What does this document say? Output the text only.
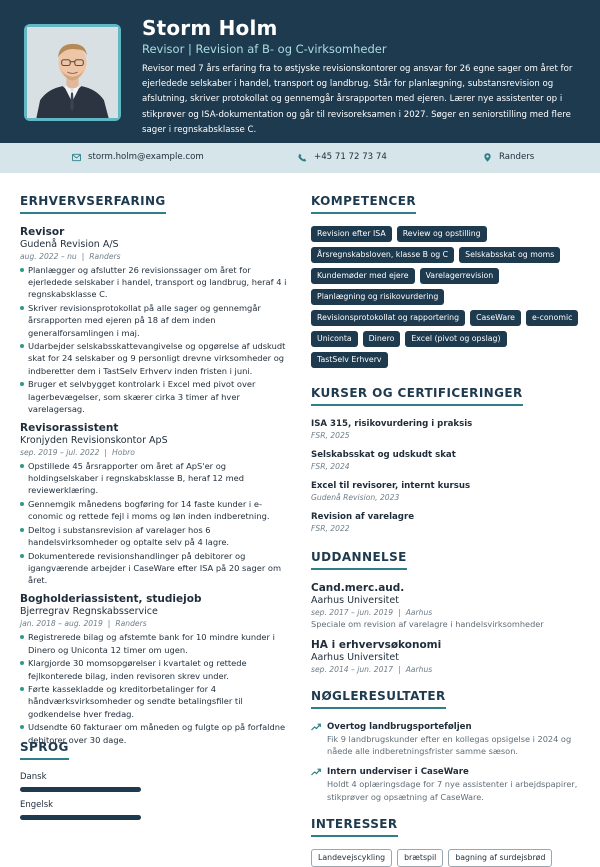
Storm Holm
Revisor | Revision af B- og C-virksomheder
Revisor med 7 års erfaring fra to østjyske revisionskontorer og ansvar for 26 egne sager om året for ejerledede selskaber i handel, transport og landbrug. Står for planlægning, substansrevision og afslutning, skriver protokollat og gennemgår årsrapporten med ejeren. Lærer nye assistenter op i stikprøver og ISA-dokumentation og går til revisoreksamen i 2027. Søger en seniorstilling med flere sager i regnskabsklasse C.
storm.holm@example.com	+45 71 72 73 74	Randers
ERHVERVSERFARING
Revisor
Gudenå Revision A/S
aug. 2022 – nu | Randers
Planlægger og afslutter 26 revisionssager om året for ejerledede selskaber i handel, transport og landbrug, heraf 4 i regnskabsklasse C.
Skriver revisionsprotokollat på alle sager og gennemgår årsrapporten med ejeren på 18 af dem inden generalforsamlingen i maj.
Udarbejder selskabsskattevangivelse og opgørelse af udskudt skat for 24 selskaber og 9 personligt drevne virksomheder og indberetter dem i TastSelv Erhverv inden fristen i juni.
Bruger et selvbygget kontrolark i Excel med pivot over lagerbevægelser, som skærer cirka 3 timer af hver varelagersag.
Revisorassistent
Kronjyden Revisionskontor ApS
sep. 2019 – jul. 2022 | Hobro
Opstillede 45 årsrapporter om året af ApS'er og holdingselskaber i regnskabsklasse B, heraf 12 med reviewerklæring.
Gennemgik månedens bogføring for 14 faste kunder i e-conomic og rettede fejl i moms og løn inden indberetning.
Deltog i substansrevision af varelager hos 6 handelsvirksomheder og optalte selv på 4 lagre.
Dokumenterede revisionshandlinger på debitorer og igangværende arbejder i CaseWare efter ISA på 20 sager om året.
Bogholderiassistent, studiejob
Bjerregrav Regnskabsservice
jan. 2018 – aug. 2019 | Randers
Registrerede bilag og afstemte bank for 10 mindre kunder i Dinero og Uniconta 12 timer om ugen.
Klargjorde 30 momsopgørelser i kvartalet og rettede fejlkonterede bilag, inden revisoren skrev under.
Førte kassekladde og kreditorbetalinger for 4 håndværksvirksomheder og sendte betalingsfiler til godkendelse hver fredag.
Udsendte 60 fakturaer om måneden og fulgte op på forfaldne debitorer over 30 dage.
SPROG
Dansk
Engelsk
KOMPETENCER
Revision efter ISA	Review og opstilling
Årsregnskabsloven, klasse B og C	Selskabsskat og moms
Kundemøder med ejere	Varelagerrevision
Planlægning og risikovurdering
Revisionsprotokollat og rapportering	CaseWare	e-conomic
Uniconta	Dinero	Excel (pivot og opslag)
TastSelv Erhverv
KURSER OG CERTIFICERINGER
ISA 315, risikovurdering i praksis
FSR, 2025
Selskabsskat og udskudt skat
FSR, 2024
Excel til revisorer, internt kursus
Gudenå Revision, 2023
Revision af varelagre
FSR, 2022
UDDANNELSE
Cand.merc.aud.
Aarhus Universitet
sep. 2017 – jun. 2019 | Aarhus
Speciale om revision af varelagre i handelsvirksomheder
HA i erhvervsøkonomi
Aarhus Universitet
sep. 2014 – jun. 2017 | Aarhus
NØGLERESULTATER
Overtog landbrugsporteføljen
Fik 9 landbrugskunder efter en kollegas opsigelse i 2024 og nåede alle indberetningsfrister samme sæson.
Intern underviser i CaseWare
Holdt 4 oplæringsdage for 7 nye assistenter i arbejdspapirer, stikprøver og opsætning af CaseWare.
INTERESSER
Landevejscykling	brætspil	bagning af surdejsbrød
